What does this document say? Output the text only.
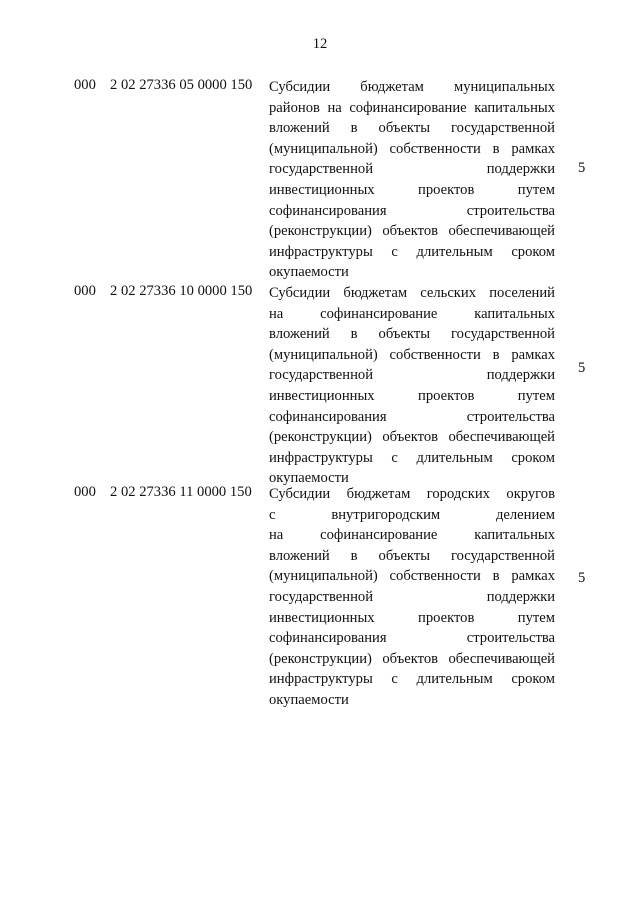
12
000 2 02 27336 05 0000 150 Субсидии бюджетам муниципальных
районов на софинансирование капитальных
вложений в объекты государственной
(муниципальной) собственности в рамках
государственной поддержки
инвестиционных проектов путем
софинансирования строительства
(реконструкции) объектов обеспечивающей
инфраструктуры с длительным сроком
окупаемости
5
000 2 02 27336 10 0000 150 Субсидии бюджетам сельских поселений
на софинансирование капитальных
вложений в объекты государственной
(муниципальной) собственности в рамках
государственной поддержки
инвестиционных проектов путем
софинансирования строительства
(реконструкции) объектов обеспечивающей
инфраструктуры с длительным сроком
окупаемости
5
000 2 02 27336 11 0000 150 Субсидии бюджетам городских округов
с внутригородским делением
на софинансирование капитальных
вложений в объекты государственной
(муниципальной) собственности в рамках
государственной поддержки
инвестиционных проектов путем
софинансирования строительства
(реконструкции) объектов обеспечивающей
инфраструктуры с длительным сроком
окупаемости
5
